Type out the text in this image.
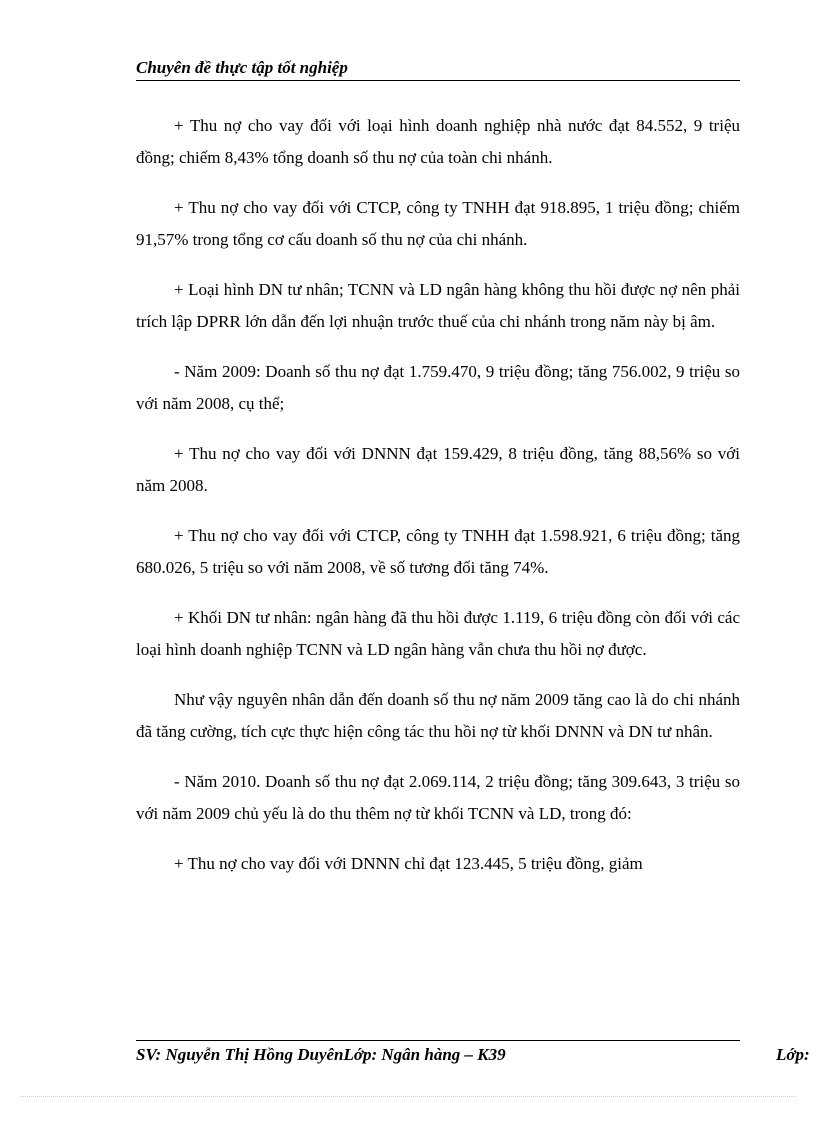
Chuyên đề thực tập tốt nghiệp

+ Thu nợ cho vay đối với loại hình doanh nghiệp nhà nước đạt 84.552, 9 triệu đồng; chiếm 8,43% tổng doanh số thu nợ của toàn chi nhánh.

+ Thu nợ cho vay đối với CTCP, công ty TNHH đạt 918.895, 1 triệu đồng; chiếm 91,57% trong tổng cơ cấu doanh số thu nợ của chi nhánh.

+ Loại hình DN tư nhân; TCNN và LD ngân hàng không thu hồi được nợ nên phải trích lập DPRR lớn dẫn đến lợi nhuận trước thuế của chi nhánh trong năm này bị âm.

- Năm 2009: Doanh số thu nợ đạt 1.759.470, 9 triệu đồng; tăng 756.002, 9 triệu so với năm 2008, cụ thể;

+ Thu nợ cho vay đối với DNNN đạt 159.429, 8 triệu đồng, tăng 88,56% so với năm 2008.

+ Thu nợ cho vay đối với CTCP, công ty TNHH đạt 1.598.921, 6 triệu đồng; tăng 680.026, 5 triệu so với năm 2008, về số tương đối tăng 74%.

+ Khối DN tư nhân: ngân hàng đã thu hồi được 1.119, 6 triệu đồng còn đối với các loại hình doanh nghiệp TCNN và LD ngân hàng vẫn chưa thu hồi nợ được.

Như vậy nguyên nhân dẫn đến doanh số thu nợ năm 2009 tăng cao là do chi nhánh đã tăng cường, tích cực thực hiện công tác thu hồi nợ từ khối DNNN và DN tư nhân.

- Năm 2010. Doanh số thu nợ đạt 2.069.114, 2 triệu đồng; tăng 309.643, 3 triệu so với năm 2009 chủ yếu là do thu thêm nợ từ khối TCNN và LD, trong đó:

+ Thu nợ cho vay đối với DNNN chỉ đạt 123.445, 5 triệu đồng, giảm

SV: Nguyễn Thị Hồng DuyênLớp: Ngân hàng – K39	Lớp:
